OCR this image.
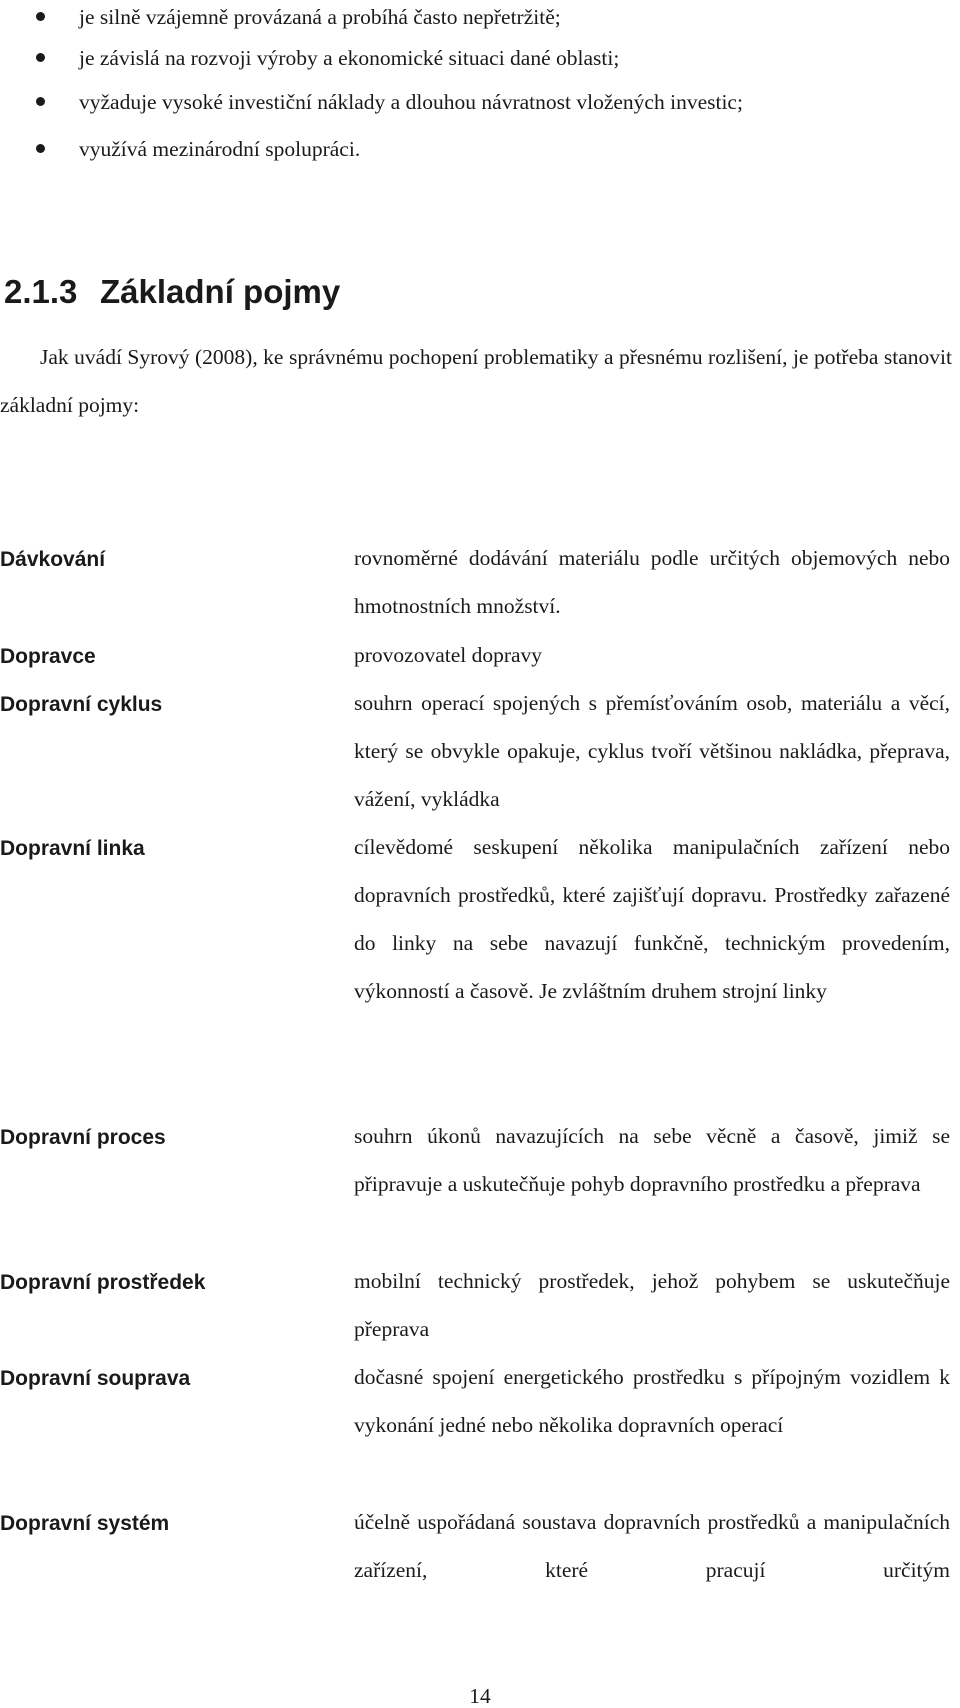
je silně vzájemně provázaná a probíhá často nepřetržitě;
je závislá na rozvoji výroby a ekonomické situaci dané oblasti;
vyžaduje vysoké investiční náklady a dlouhou návratnost vložených investic;
využívá mezinárodní spolupráci.
2.1.3 Základní pojmy

Jak uvádí Syrový (2008), ke správnému pochopení problematiky a přesnému rozlišení, je potřeba stanovit základní pojmy:

Dávkování	rovnoměrné dodávání materiálu podle určitých objemových nebo hmotnostních množství.

Dopravce	provozovatel dopravy

Dopravní cyklus	souhrn operací spojených s přemísťováním osob, materiálu a věcí, který se obvykle opakuje, cyklus tvoří většinou nakládka, přeprava, vážení, vykládka

Dopravní linka	cílevědomé seskupení několika manipulačních zařízení nebo dopravních prostředků, které zajišťují dopravu. Prostředky zařazené do linky na sebe navazují funkčně, technickým provedením, výkonností a časově. Je zvláštním druhem strojní linky

Dopravní proces	souhrn úkonů navazujících na sebe věcně a časově, jimiž se připravuje a uskutečňuje pohyb dopravního prostředku a přeprava

Dopravní prostředek	mobilní technický prostředek, jehož pohybem se uskutečňuje přeprava

Dopravní souprava	dočasné spojení energetického prostředku s přípojným vozidlem k vykonání jedné nebo několika dopravních operací

Dopravní systém	účelně uspořádaná soustava dopravních prostředků a manipulačních zařízení, které pracují určitým

14
